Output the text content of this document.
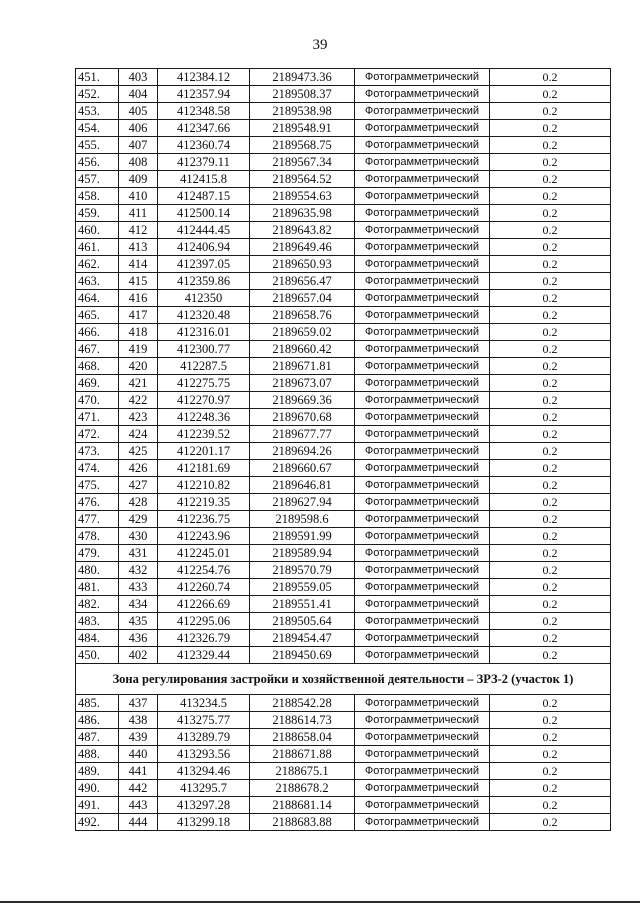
39
451.	403	412384.12	2189473.36	Фотограмметрический	0.2
452.	404	412357.94	2189508.37	Фотограмметрический	0.2
453.	405	412348.58	2189538.98	Фотограмметрический	0.2
454.	406	412347.66	2189548.91	Фотограмметрический	0.2
455.	407	412360.74	2189568.75	Фотограмметрический	0.2
456.	408	412379.11	2189567.34	Фотограмметрический	0.2
457.	409	412415.8	2189564.52	Фотограмметрический	0.2
458.	410	412487.15	2189554.63	Фотограмметрический	0.2
459.	411	412500.14	2189635.98	Фотограмметрический	0.2
460.	412	412444.45	2189643.82	Фотограмметрический	0.2
461.	413	412406.94	2189649.46	Фотограмметрический	0.2
462.	414	412397.05	2189650.93	Фотограмметрический	0.2
463.	415	412359.86	2189656.47	Фотограмметрический	0.2
464.	416	412350	2189657.04	Фотограмметрический	0.2
465.	417	412320.48	2189658.76	Фотограмметрический	0.2
466.	418	412316.01	2189659.02	Фотограмметрический	0.2
467.	419	412300.77	2189660.42	Фотограмметрический	0.2
468.	420	412287.5	2189671.81	Фотограмметрический	0.2
469.	421	412275.75	2189673.07	Фотограмметрический	0.2
470.	422	412270.97	2189669.36	Фотограмметрический	0.2
471.	423	412248.36	2189670.68	Фотограмметрический	0.2
472.	424	412239.52	2189677.77	Фотограмметрический	0.2
473.	425	412201.17	2189694.26	Фотограмметрический	0.2
474.	426	412181.69	2189660.67	Фотограмметрический	0.2
475.	427	412210.82	2189646.81	Фотограмметрический	0.2
476.	428	412219.35	2189627.94	Фотограмметрический	0.2
477.	429	412236.75	2189598.6	Фотограмметрический	0.2
478.	430	412243.96	2189591.99	Фотограмметрический	0.2
479.	431	412245.01	2189589.94	Фотограмметрический	0.2
480.	432	412254.76	2189570.79	Фотограмметрический	0.2
481.	433	412260.74	2189559.05	Фотограмметрический	0.2
482.	434	412266.69	2189551.41	Фотограмметрический	0.2
483.	435	412295.06	2189505.64	Фотограмметрический	0.2
484.	436	412326.79	2189454.47	Фотограмметрический	0.2
450.	402	412329.44	2189450.69	Фотограмметрический	0.2
Зона регулирования застройки и хозяйственной деятельности – ЗРЗ-2 (участок 1)					
485.	437	413234.5	2188542.28	Фотограмметрический	0.2
486.	438	413275.77	2188614.73	Фотограмметрический	0.2
487.	439	413289.79	2188658.04	Фотограмметрический	0.2
488.	440	413293.56	2188671.88	Фотограмметрический	0.2
489.	441	413294.46	2188675.1	Фотограмметрический	0.2
490.	442	413295.7	2188678.2	Фотограмметрический	0.2
491.	443	413297.28	2188681.14	Фотограмметрический	0.2
492.	444	413299.18	2188683.88	Фотограмметрический	0.2
